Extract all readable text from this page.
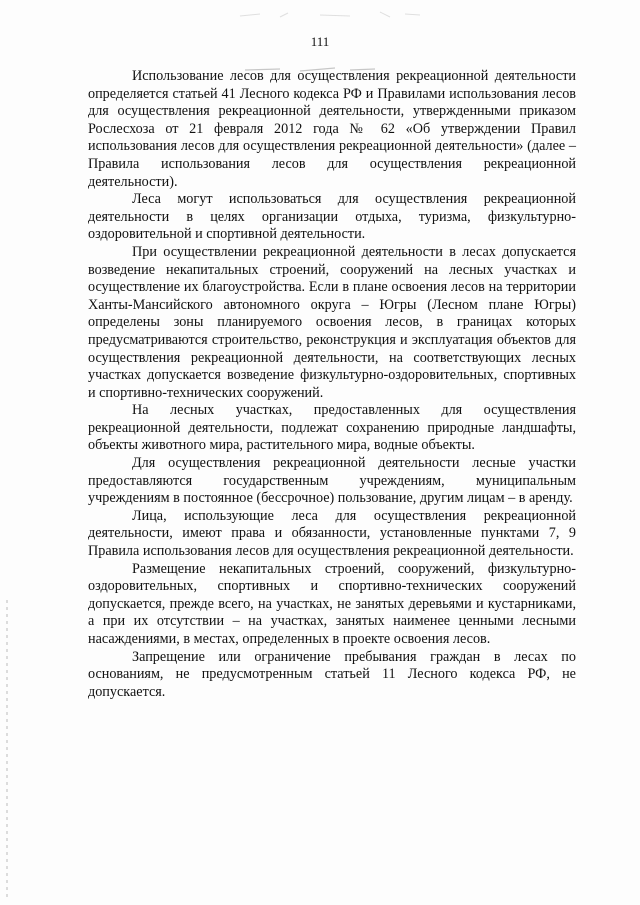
111

Использование лесов для осуществления рекреационной деятельности определяется статьей 41 Лесного кодекса РФ и Правилами использования лесов для осуществления рекреационной деятельности, утвержденными приказом Рослесхоза от 21 февраля 2012 года № 62 «Об утверждении Правил использования лесов для осуществления рекреационной деятельности» (далее – Правила использования лесов для осуществления рекреационной деятельности).

Леса могут использоваться для осуществления рекреационной деятельности в целях организации отдыха, туризма, физкультурно-оздоровительной и спортивной деятельности.

При осуществлении рекреационной деятельности в лесах допускается возведение некапитальных строений, сооружений на лесных участках и осуществление их благоустройства. Если в плане освоения лесов на территории Ханты-Мансийского автономного округа – Югры (Лесном плане Югры) определены зоны планируемого освоения лесов, в границах которых предусматриваются строительство, реконструкция и эксплуатация объектов для осуществления рекреационной деятельности, на соответствующих лесных участках допускается возведение физкультурно-оздоровительных, спортивных и спортивно-технических сооружений.

На лесных участках, предоставленных для осуществления рекреационной деятельности, подлежат сохранению природные ландшафты, объекты животного мира, растительного мира, водные объекты.

Для осуществления рекреационной деятельности лесные участки предоставляются государственным учреждениям, муниципальным учреждениям в постоянное (бессрочное) пользование, другим лицам – в аренду.

Лица, использующие леса для осуществления рекреационной деятельности, имеют права и обязанности, установленные пунктами 7, 9 Правила использования лесов для осуществления рекреационной деятельности.

Размещение некапитальных строений, сооружений, физкультурно-оздоровительных, спортивных и спортивно-технических сооружений допускается, прежде всего, на участках, не занятых деревьями и кустарниками, а при их отсутствии – на участках, занятых наименее ценными лесными насаждениями, в местах, определенных в проекте освоения лесов.

Запрещение или ограничение пребывания граждан в лесах по основаниям, не предусмотренным статьей 11 Лесного кодекса РФ, не допускается.
